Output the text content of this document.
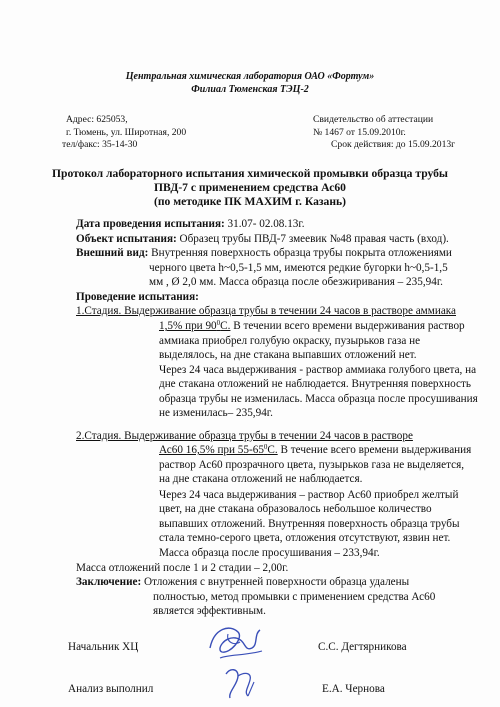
Центральная химическая лаборатория ОАО «Фортум»

Филиал Тюменская ТЭЦ-2

Адрес: 625053,
г. Тюмень, ул. Широтная, 200
тел/факс: 35-14-30
Свидетельство об аттестации
№ 1467 от 15.09.2010г.
Срок действия: до 15.09.2013г

Протокол лабораторного испытания химической промывки образца трубы

ПВД-7 с применением средства Ас60

(по методике ПК МАХИМ г. Казань)

Дата проведения испытания: 31.07- 02.08.13г.

Объект испытания: Образец трубы ПВД-7 змеевик №48 правая часть (вход).

Внешний вид: Внутренняя поверхность образца трубы покрыта отложениями

черного цвета h~0,5-1,5 мм, имеются редкие бугорки h~0,5-1,5

мм , Ø 2,0 мм. Масса образца после обезжиривания – 235,94г.

Проведение испытания:

1.Стадия. Выдерживание образца трубы в течении 24 часов в растворе аммиака

1,5% при $90^0С$. В течении всего времени выдерживания раствор

аммиака приобрел голубую окраску, пузырьков газа не

выделялось, на дне стакана выпавших отложений нет.

Через 24 часа выдерживания - раствор аммиака голубого цвета, на

дне стакана отложений не наблюдается. Внутренняя поверхность

образца трубы не изменилась. Масса образца после просушивания

не изменилась– 235,94г.

2.Стадия. Выдерживание образца трубы в течении 24 часов в растворе

Ас60 16,5% при $55-65^0С$. В течение всего времени выдерживания

раствор Ас60 прозрачного цвета, пузырьков газа не выделяется,

на дне стакана отложений не наблюдается.

Через 24 часа выдерживания – раствор Ас60 приобрел желтый

цвет, на дне стакана образовалось небольшое количество

выпавших отложений. Внутренняя поверхность образца трубы

стала темно-серого цвета, отложения отсутствуют, язвин нет.

Масса образца после просушивания – 233,94г.

Масса отложений после 1 и 2 стадии – 2,00г.

Заключение: Отложения с внутренней поверхности образца удалены

полностью, метод промывки с применением средства Ас60

является эффективным.

Начальник ХЦ	С.С. Дегтярникова

Анализ выполнил	Е.А. Чернова
